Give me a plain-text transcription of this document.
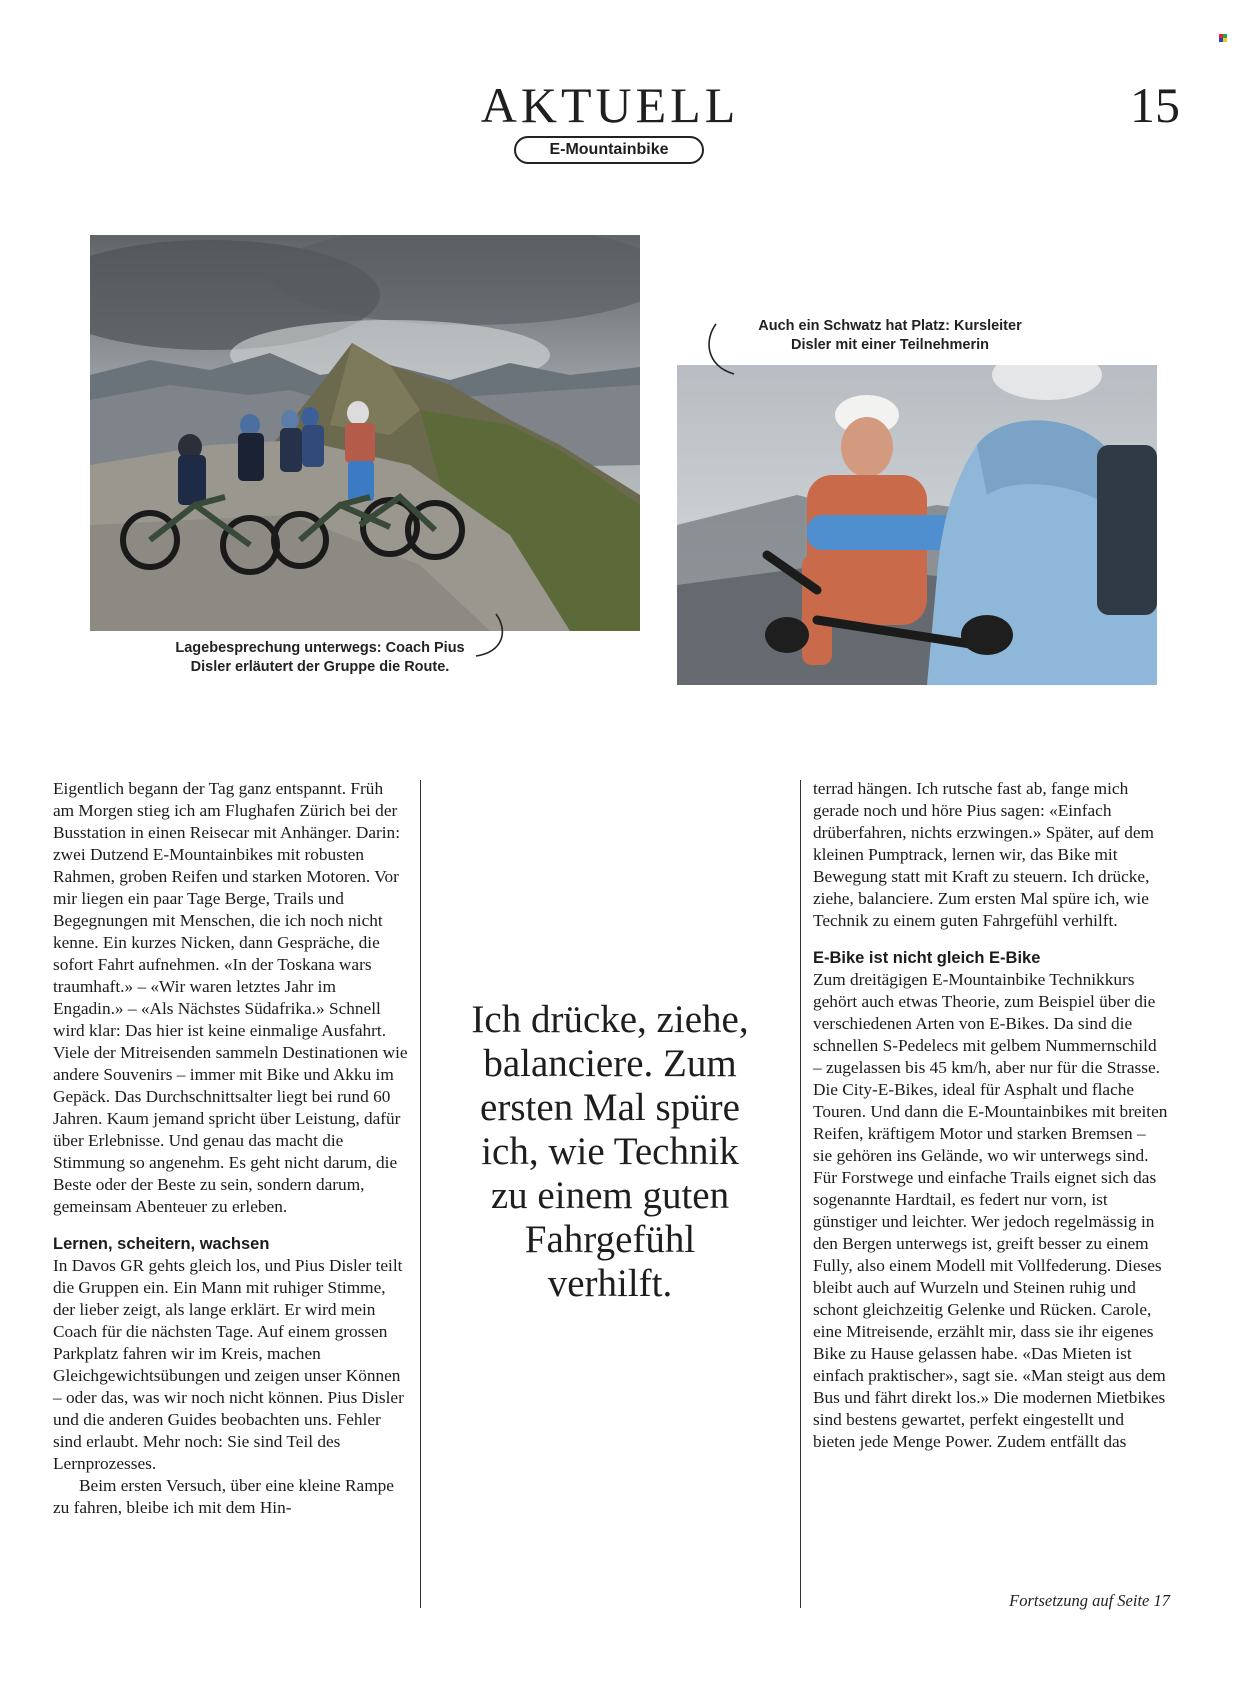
AKTUELL	15
E-Mountainbike
Lagebesprechung unterwegs: Coach Pius
Disler erläutert der Gruppe die Route.
Auch ein Schwatz hat Platz: Kursleiter
Disler mit einer Teilnehmerin

Eigentlich begann der Tag ganz entspannt. Früh am Morgen stieg ich am Flughafen Zürich bei der Busstation in einen Reisecar mit Anhänger. Darin: zwei Dutzend E-Mountainbikes mit robusten Rahmen, groben Reifen und starken Motoren. Vor mir liegen ein paar Tage Berge, Trails und Begegnungen mit Menschen, die ich noch nicht kenne. Ein kurzes Nicken, dann Gespräche, die sofort Fahrt aufnehmen. «In der Toskana wars traumhaft.» – «Wir waren letztes Jahr im Engadin.» – «Als Nächstes Südafrika.» Schnell wird klar: Das hier ist keine einmalige Ausfahrt. Viele der Mitreisenden sammeln Destinationen wie andere Souvenirs – immer mit Bike und Akku im Gepäck. Das Durchschnittsalter liegt bei rund 60 Jahren. Kaum jemand spricht über Leistung, dafür über Erlebnisse. Und genau das macht die Stimmung so angenehm. Es geht nicht darum, die Beste oder der Beste zu sein, sondern darum, gemeinsam Abenteuer zu erleben.

Lernen, scheitern, wachsen

In Davos GR gehts gleich los, und Pius Disler teilt die Gruppen ein. Ein Mann mit ruhiger Stimme, der lieber zeigt, als lange erklärt. Er wird mein Coach für die nächsten Tage. Auf einem grossen Parkplatz fahren wir im Kreis, machen Gleichgewichtsübungen und zeigen unser Können – oder das, was wir noch nicht können. Pius Disler und die anderen Guides beobachten uns. Fehler sind erlaubt. Mehr noch: Sie sind Teil des Lernprozesses.

Beim ersten Versuch, über eine kleine Rampe zu fahren, bleibe ich mit dem Hin-

Ich drücke, ziehe, balanciere. Zum ersten Mal spüre ich, wie Technik zu einem guten Fahrgefühl verhilft.

terrad hängen. Ich rutsche fast ab, fange mich gerade noch und höre Pius sagen: «Einfach drüberfahren, nichts erzwingen.» Später, auf dem kleinen Pumptrack, lernen wir, das Bike mit Bewegung statt mit Kraft zu steuern. Ich drücke, ziehe, balanciere. Zum ersten Mal spüre ich, wie Technik zu einem guten Fahrgefühl verhilft.

E-Bike ist nicht gleich E-Bike

Zum dreitägigen E-Mountainbike Technikkurs gehört auch etwas Theorie, zum Beispiel über die verschiedenen Arten von E-Bikes. Da sind die schnellen S-Pedelecs mit gelbem Nummernschild – zugelassen bis 45 km/h, aber nur für die Strasse. Die City-E-Bikes, ideal für Asphalt und flache Touren. Und dann die E-Mountainbikes mit breiten Reifen, kräftigem Motor und starken Bremsen – sie gehören ins Gelände, wo wir unterwegs sind. Für Forstwege und einfache Trails eignet sich das sogenannte Hardtail, es federt nur vorn, ist günstiger und leichter. Wer jedoch regelmässig in den Bergen unterwegs ist, greift besser zu einem Fully, also einem Modell mit Vollfederung. Dieses bleibt auch auf Wurzeln und Steinen ruhig und schont gleichzeitig Gelenke und Rücken. Carole, eine Mitreisende, erzählt mir, dass sie ihr eigenes Bike zu Hause gelassen habe. «Das Mieten ist einfach praktischer», sagt sie. «Man steigt aus dem Bus und fährt direkt los.» Die modernen Mietbikes sind bestens gewartet, perfekt eingestellt und bieten jede Menge Power. Zudem entfällt das

Fortsetzung auf Seite 17
